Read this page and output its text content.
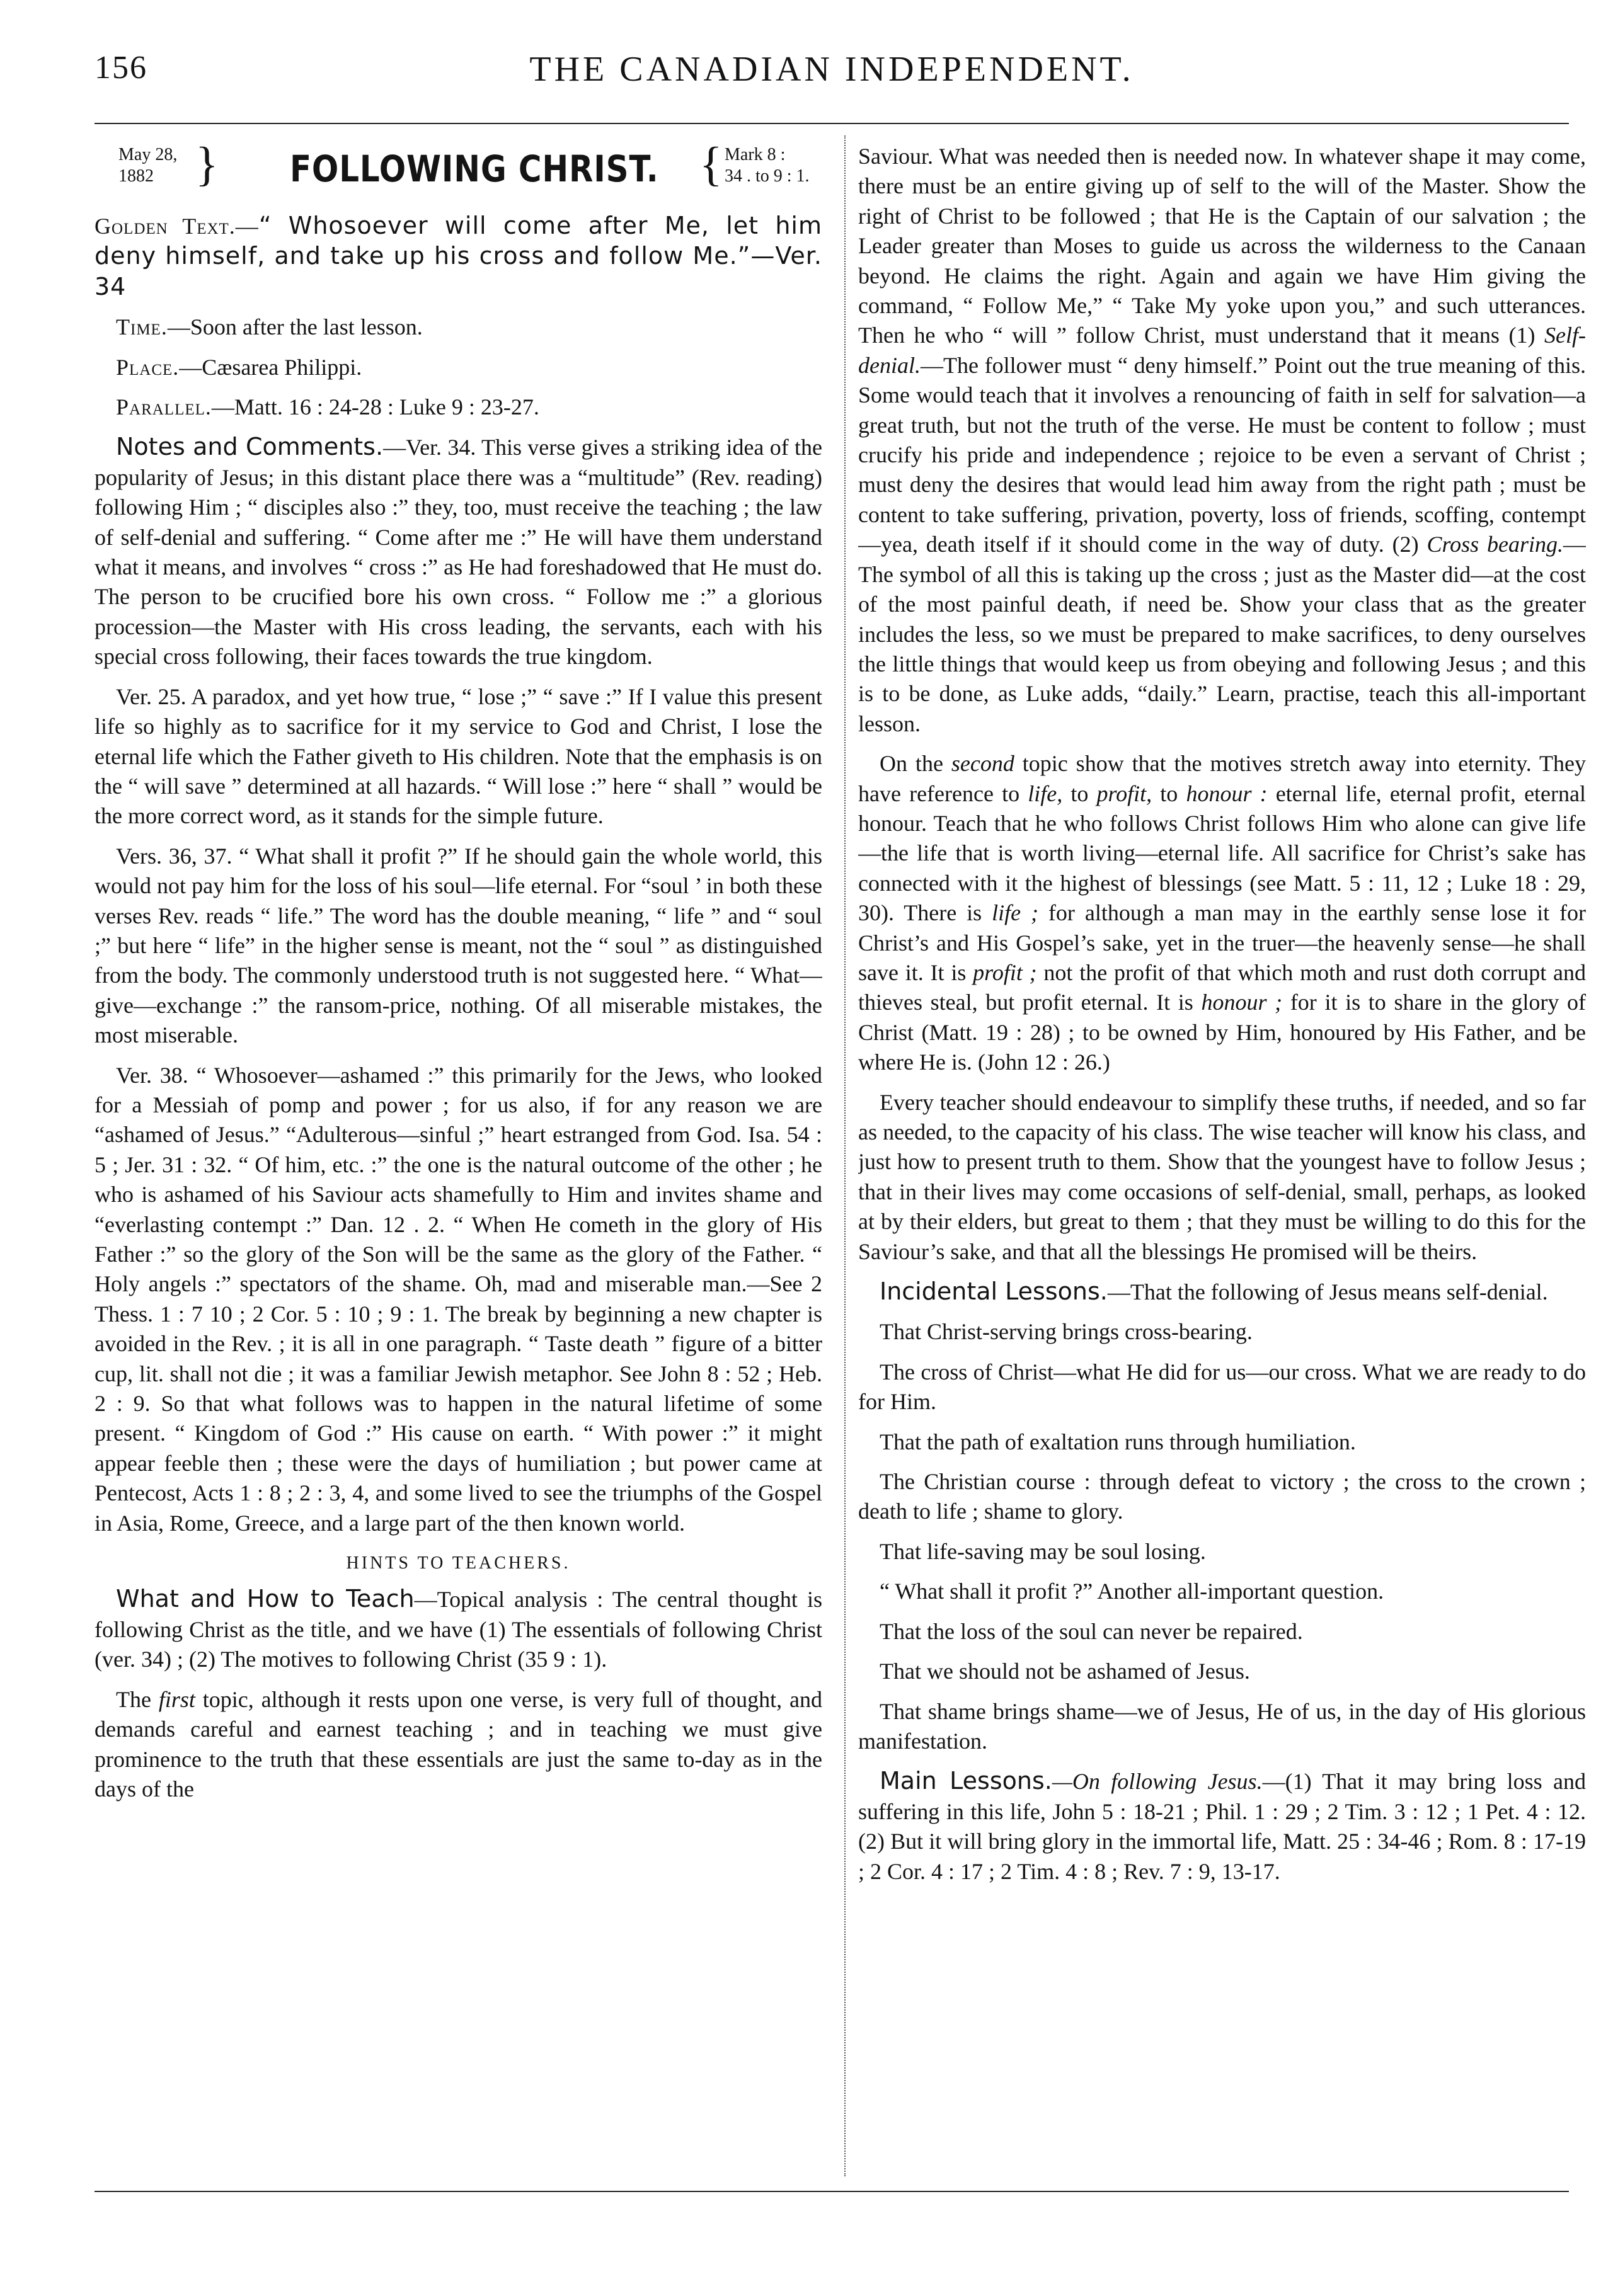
156	THE CANADIAN INDEPENDENT.
May 28,
1882 } FOLLOWING CHRIST. { Mark 8 :
34 . to 9 : 1.

Golden Text.—“ Whosoever will come after Me, let him deny himself, and take up his cross and follow Me.”—Ver. 34

Time.—Soon after the last lesson.

Place.—Cæsarea Philippi.

Parallel.—Matt. 16 : 24-28 : Luke 9 : 23-27.

Notes and Comments.—Ver. 34. This verse gives a striking idea of the popularity of Jesus; in this distant place there was a “multitude” (Rev. reading) following Him ; “ disciples also :” they, too, must receive the teaching ; the law of self-denial and suffering. “ Come after me :” He will have them understand what it means, and involves “ cross :” as He had foreshadowed that He must do. The person to be crucified bore his own cross. “ Follow me :” a glorious procession—the Master with His cross leading, the servants, each with his special cross following, their faces towards the true kingdom.

Ver. 25. A paradox, and yet how true, “ lose ;” “ save :” If I value this present life so highly as to sacrifice for it my service to God and Christ, I lose the eternal life which the Father giveth to His children. Note that the emphasis is on the “ will save ” determined at all hazards. “ Will lose :” here “ shall ” would be the more correct word, as it stands for the simple future.

Vers. 36, 37. “ What shall it profit ?” If he should gain the whole world, this would not pay him for the loss of his soul—life eternal. For “soul ’ in both these verses Rev. reads “ life.” The word has the double meaning, “ life ” and “ soul ;” but here “ life” in the higher sense is meant, not the “ soul ” as distinguished from the body. The commonly understood truth is not suggested here. “ What—give—exchange :” the ransom-price, nothing. Of all miserable mistakes, the most miserable.

Ver. 38. “ Whosoever—ashamed :” this primarily for the Jews, who looked for a Messiah of pomp and power ; for us also, if for any reason we are “ashamed of Jesus.” “Adulterous—sinful ;” heart estranged from God. Isa. 54 : 5 ; Jer. 31 : 32. “ Of him, etc. :” the one is the natural outcome of the other ; he who is ashamed of his Saviour acts shamefully to Him and invites shame and “everlasting contempt :” Dan. 12 . 2. “ When He cometh in the glory of His Father :” so the glory of the Son will be the same as the glory of the Father. “ Holy angels :” spectators of the shame. Oh, mad and miserable man.—See 2 Thess. 1 : 7 10 ; 2 Cor. 5 : 10 ; 9 : 1. The break by beginning a new chapter is avoided in the Rev. ; it is all in one paragraph. “ Taste death ” figure of a bitter cup, lit. shall not die ; it was a familiar Jewish metaphor. See John 8 : 52 ; Heb. 2 : 9. So that what follows was to happen in the natural lifetime of some present. “ Kingdom of God :” His cause on earth. “ With power :” it might appear feeble then ; these were the days of humiliation ; but power came at Pentecost, Acts 1 : 8 ; 2 : 3, 4, and some lived to see the triumphs of the Gospel in Asia, Rome, Greece, and a large part of the then known world.

HINTS TO TEACHERS.

What and How to Teach—Topical analysis : The central thought is following Christ as the title, and we have (1) The essentials of following Christ (ver. 34) ; (2) The motives to following Christ (35 9 : 1).

The first topic, although it rests upon one verse, is very full of thought, and demands careful and earnest teaching ; and in teaching we must give prominence to the truth that these essentials are just the same to-day as in the days of the

Saviour. What was needed then is needed now. In whatever shape it may come, there must be an entire giving up of self to the will of the Master. Show the right of Christ to be followed ; that He is the Captain of our salvation ; the Leader greater than Moses to guide us across the wilderness to the Canaan beyond. He claims the right. Again and again we have Him giving the command, “ Follow Me,” “ Take My yoke upon you,” and such utterances. Then he who “ will ” follow Christ, must understand that it means (1) Self-denial.—The follower must “ deny himself.” Point out the true meaning of this. Some would teach that it involves a renouncing of faith in self for salvation—a great truth, but not the truth of the verse. He must be content to follow ; must crucify his pride and independence ; rejoice to be even a servant of Christ ; must deny the desires that would lead him away from the right path ; must be content to take suffering, privation, poverty, loss of friends, scoffing, contempt—yea, death itself if it should come in the way of duty. (2) Cross bearing.—The symbol of all this is taking up the cross ; just as the Master did—at the cost of the most painful death, if need be. Show your class that as the greater includes the less, so we must be prepared to make sacrifices, to deny ourselves the little things that would keep us from obeying and following Jesus ; and this is to be done, as Luke adds, “daily.” Learn, practise, teach this all-important lesson.

On the second topic show that the motives stretch away into eternity. They have reference to life, to profit, to honour : eternal life, eternal profit, eternal honour. Teach that he who follows Christ follows Him who alone can give life—the life that is worth living—eternal life. All sacrifice for Christ’s sake has connected with it the highest of blessings (see Matt. 5 : 11, 12 ; Luke 18 : 29, 30). There is life ; for although a man may in the earthly sense lose it for Christ’s and His Gospel’s sake, yet in the truer—the heavenly sense—he shall save it. It is profit ; not the profit of that which moth and rust doth corrupt and thieves steal, but profit eternal. It is honour ; for it is to share in the glory of Christ (Matt. 19 : 28) ; to be owned by Him, honoured by His Father, and be where He is. (John 12 : 26.)

Every teacher should endeavour to simplify these truths, if needed, and so far as needed, to the capacity of his class. The wise teacher will know his class, and just how to present truth to them. Show that the youngest have to follow Jesus ; that in their lives may come occasions of self-denial, small, perhaps, as looked at by their elders, but great to them ; that they must be willing to do this for the Saviour’s sake, and that all the blessings He promised will be theirs.

Incidental Lessons.—That the following of Jesus means self-denial.

That Christ-serving brings cross-bearing.

The cross of Christ—what He did for us—our cross. What we are ready to do for Him.

That the path of exaltation runs through humiliation.

The Christian course : through defeat to victory ; the cross to the crown ; death to life ; shame to glory.

That life-saving may be soul losing.

“ What shall it profit ?” Another all-important question.

That the loss of the soul can never be repaired.

That we should not be ashamed of Jesus.

That shame brings shame—we of Jesus, He of us, in the day of His glorious manifestation.

Main Lessons.—On following Jesus.—(1) That it may bring loss and suffering in this life, John 5 : 18-21 ; Phil. 1 : 29 ; 2 Tim. 3 : 12 ; 1 Pet. 4 : 12. (2) But it will bring glory in the immortal life, Matt. 25 : 34-46 ; Rom. 8 : 17-19 ; 2 Cor. 4 : 17 ; 2 Tim. 4 : 8 ; Rev. 7 : 9, 13-17.
